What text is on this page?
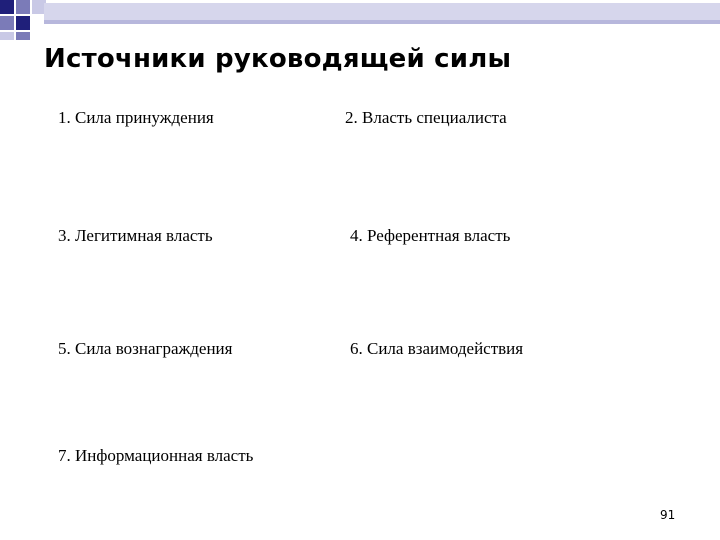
Источники руководящей силы
1. Сила принуждения	2. Власть специалиста
3. Легитимная власть	4. Референтная власть
5. Сила вознаграждения	6. Сила взаимодействия
7. Информационная власть
91
